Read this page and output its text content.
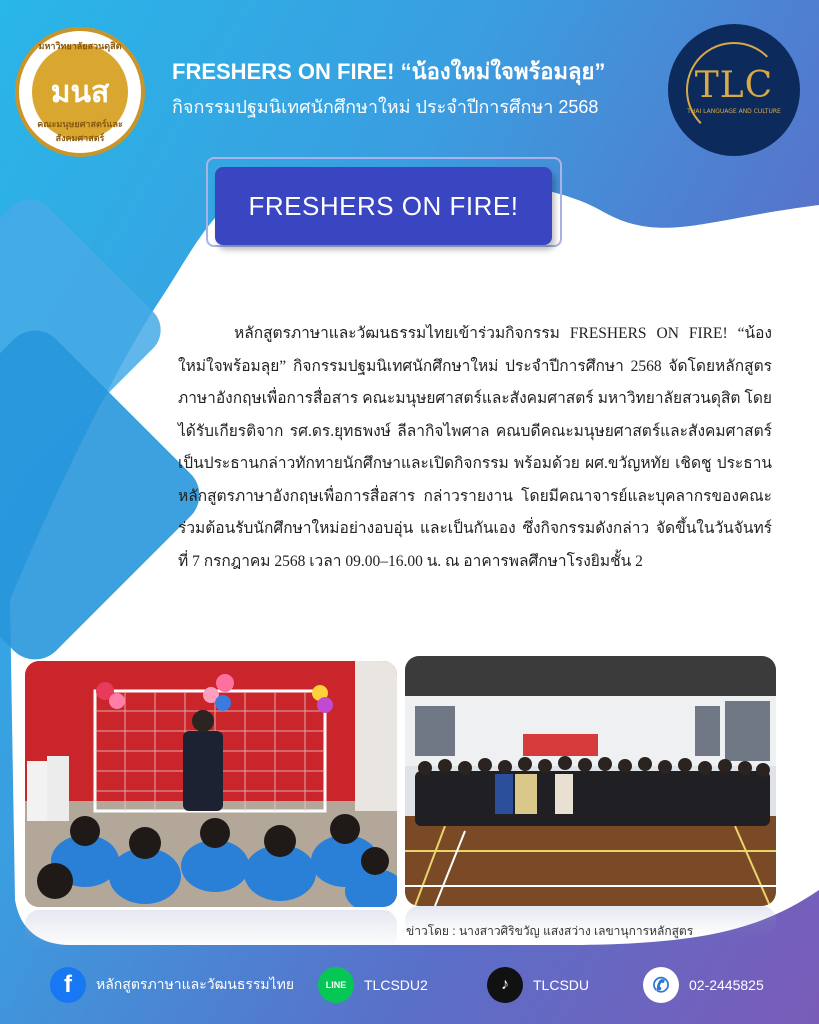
มหาวิทยาลัยสวนดุสิต
มนส
คณะมนุษยศาสตร์และสังคมศาสตร์
FRESHERS ON FIRE! “น้องใหม่ใจพร้อมลุย”
กิจกรรมปฐมนิเทศนักศึกษาใหม่ ประจำปีการศึกษา 2568
TLC
THAI LANGUAGE AND CULTURE
FRESHERS ON FIRE!

หลักสูตรภาษาและวัฒนธรรมไทยเข้าร่วมกิจกรรม FRESHERS ON FIRE! “น้องใหม่ใจพร้อมลุย” กิจกรรมปฐมนิเทศนักศึกษาใหม่ ประจำปีการศึกษา 2568 จัดโดยหลักสูตรภาษาอังกฤษเพื่อการสื่อสาร คณะมนุษยศาสตร์และสังคมศาสตร์ มหาวิทยาลัยสวนดุสิต โดยได้รับเกียรติจาก รศ.ดร.ยุทธพงษ์ ลีลากิจไพศาล คณบดีคณะมนุษยศาสตร์และสังคมศาสตร์ เป็นประธานกล่าวทักทายนักศึกษาและเปิดกิจกรรม พร้อมด้วย ผศ.ขวัญหทัย เชิดชู ประธานหลักสูตรภาษาอังกฤษเพื่อการสื่อสาร กล่าวรายงาน โดยมีคณาจารย์และบุคลากรของคณะ ร่วมต้อนรับนักศึกษาใหม่อย่างอบอุ่น และเป็นกันเอง ซึ่งกิจกรรมดังกล่าว จัดขึ้นในวันจันทร์ที่ 7 กรกฎาคม 2568 เวลา 09.00–16.00 น. ณ อาคารพลศึกษาโรงยิมชั้น 2

ข่าวโดย : นางสาวศิริขวัญ แสงสว่าง เลขานุการหลักสูตร
f	หลักสูตรภาษาและวัฒนธรรมไทย	LINE	TLCSDU2	♪	TLCSDU	✆	02-2445825
